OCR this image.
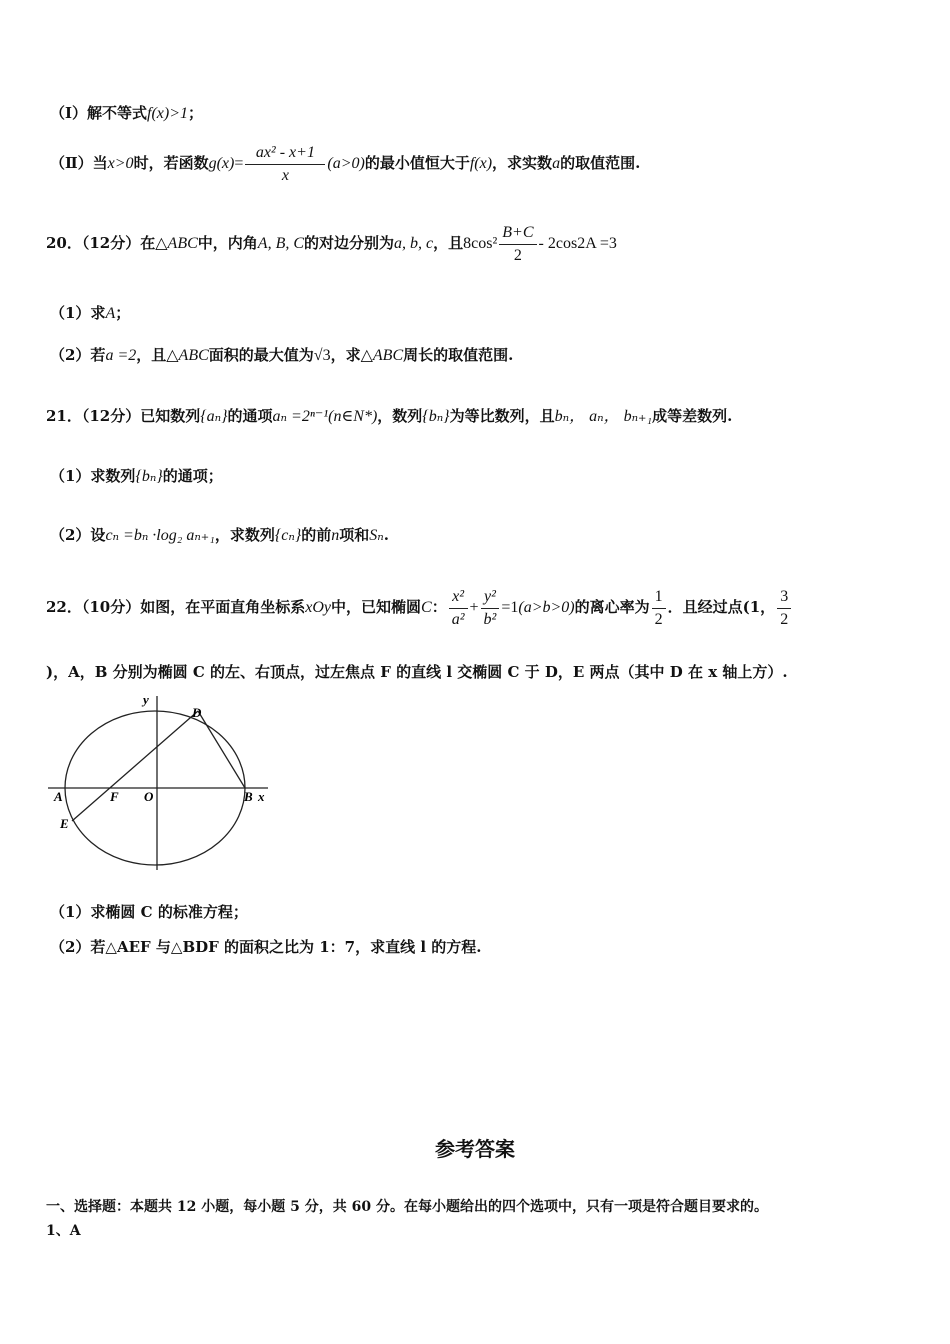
（Ⅰ）解不等式f(x)>1；
（Ⅱ）当x>0时，若函数$g(x)= \frac{\text{ax² - x+1}}{x} (a>0)$的最小值恒大于f(x)，求实数a的取值范围.
20．（12分）在△ABC中，内角A, B, C的对边分别为a, b, c，且$8\cos^2 \frac{B+C}{2} - 2\cos 2A =3$
（1）求A；
（2）若a =2，且△ABC面积的最大值为√3，求△ABC周长的取值范围.
21．（12分）已知数列{aₙ}的通项aₙ =2ⁿ⁻¹(n∈N*)，数列{bₙ}为等比数列，且bₙ， aₙ， bₙ₊₁成等差数列.
（1）求数列{bₙ}的通项；
（2）设cₙ =bₙ ·log₂ aₙ₊₁，求数列{cₙ}的前n项和Sₙ.
22．（10分）如图，在平面直角坐标系xOy中，已知椭圆C： $\frac{\text{x²}}{\text{a²}} + \frac{\text{y²}}{\text{b²}} =1(a>b>0)$的离心率为 $\frac{1}{2}$ ．且经过点(1， $\frac{3}{2}$
)，A，B 分别为椭圆 C 的左、右顶点，过左焦点 F 的直线 l 交椭圆 C 于 D，E 两点（其中 D 在 x 轴上方）.
y
x
D
A	F O	B
E
（1）求椭圆 C 的标准方程；
（2）若△AEF 与△BDF 的面积之比为 1：7，求直线 l 的方程.
参考答案
一、选择题：本题共 12 小题，每小题 5 分，共 60 分。在每小题给出的四个选项中，只有一项是符合题目要求的。
1、A
